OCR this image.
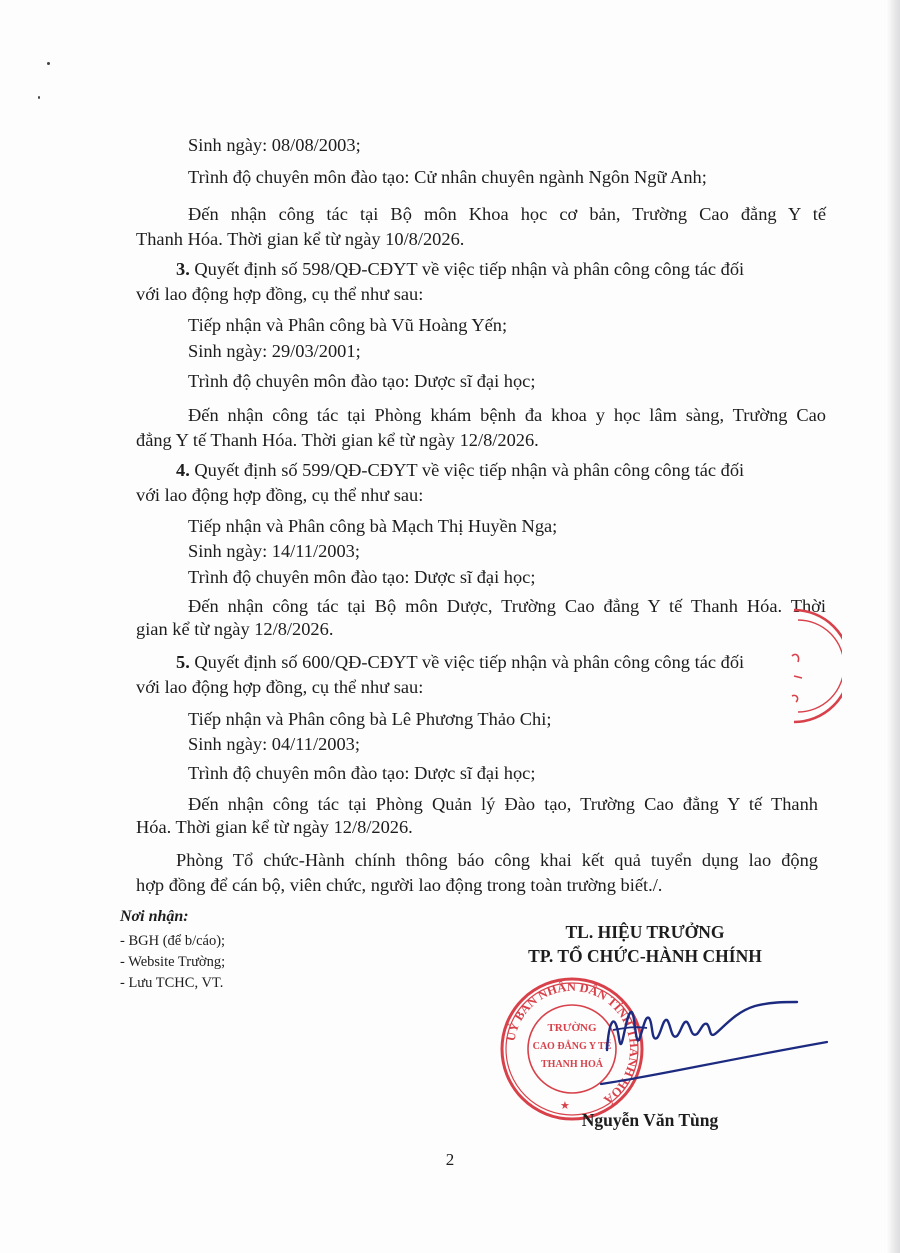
Sinh ngày: 08/08/2003;
Trình độ chuyên môn đào tạo: Cử nhân chuyên ngành Ngôn Ngữ Anh;
Đến nhận công tác tại Bộ môn Khoa học cơ bản, Trường Cao đẳng Y tế
Thanh Hóa. Thời gian kể từ ngày 10/8/2026.
3. Quyết định số 598/QĐ-CĐYT về việc tiếp nhận và phân công công tác đối
với lao động hợp đồng, cụ thể như sau:
Tiếp nhận và Phân công bà Vũ Hoàng Yến;
Sinh ngày: 29/03/2001;
Trình độ chuyên môn đào tạo: Dược sĩ đại học;
Đến nhận công tác tại Phòng khám bệnh đa khoa y học lâm sàng, Trường Cao
đẳng Y tế Thanh Hóa. Thời gian kể từ ngày 12/8/2026.
4. Quyết định số 599/QĐ-CĐYT về việc tiếp nhận và phân công công tác đối
với lao động hợp đồng, cụ thể như sau:
Tiếp nhận và Phân công bà Mạch Thị Huyền Nga;
Sinh ngày: 14/11/2003;
Trình độ chuyên môn đào tạo: Dược sĩ đại học;
Đến nhận công tác tại Bộ môn Dược, Trường Cao đẳng Y tế Thanh Hóa. Thời
gian kể từ ngày 12/8/2026.
5. Quyết định số 600/QĐ-CĐYT về việc tiếp nhận và phân công công tác đối
với lao động hợp đồng, cụ thể như sau:
Tiếp nhận và Phân công bà Lê Phương Thảo Chi;
Sinh ngày: 04/11/2003;
Trình độ chuyên môn đào tạo: Dược sĩ đại học;
Đến nhận công tác tại Phòng Quản lý Đào tạo, Trường Cao đẳng Y tế Thanh
Hóa. Thời gian kể từ ngày 12/8/2026.
Phòng Tổ chức-Hành chính thông báo công khai kết quả tuyển dụng lao động
hợp đồng để cán bộ, viên chức, người lao động trong toàn trường biết./.
Nơi nhận:
- BGH (để b/cáo);
- Website Trường;
- Lưu TCHC, VT.
TL. HIỆU TRƯỞNG
TP. TỔ CHỨC-HÀNH CHÍNH
UỶ BAN NHÂN DÂN TỈNH THANH HOÁ
TRƯỜNG
CAO ĐẲNG Y TẾ
THANH HOÁ
★
Nguyễn Văn Tùng
2
